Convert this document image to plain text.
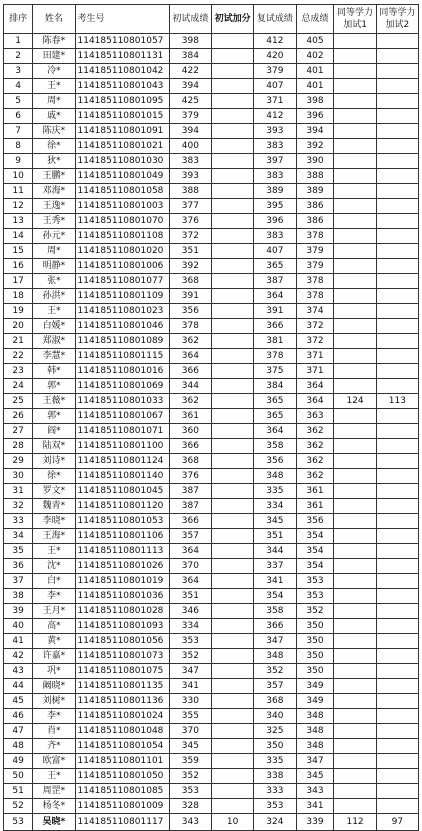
排序	姓名	考生号	初试成绩	初试加分	复试成绩	总成绩	同等学力加试1	同等学力加试2
1	陈春*	114185110801057	398		412	405		
2	田建*	114185110801131	384		420	402		
3	冷*	114185110801042	422		379	401		
4	王*	114185110801043	394		407	401		
5	周*	114185110801095	425		371	398		
6	戚*	114185110801015	379		412	396		
7	陈庆*	114185110801091	394		393	394		
8	徐*	114185110801021	400		383	392		
9	狄*	114185110801030	383		397	390		
10	王鹏*	114185110801049	393		383	388		
11	邓海*	114185110801058	388		389	389		
12	王逸*	114185110801003	377		395	386		
13	王秀*	114185110801070	376		396	386		
14	孙元*	114185110801108	372		383	378		
15	周*	114185110801020	351		407	379		
16	明静*	114185110801006	392		365	379		
17	张*	114185110801077	368		387	378		
18	孙洪*	114185110801109	391		364	378		
19	王*	114185110801023	356		391	374		
20	白媛*	114185110801046	378		366	372		
21	郑淑*	114185110801089	362		381	372		
22	李慧*	114185110801115	364		378	371		
23	韩*	114185110801016	366		375	371		
24	郭*	114185110801069	344		384	364		
25	王薇*	114185110801033	362		365	364	124	113
26	郭*	114185110801067	361		365	363		
27	阎*	114185110801071	360		364	362		
28	陆双*	114185110801100	366		358	362		
29	刘诗*	114185110801124	368		356	362		
30	徐*	114185110801140	376		348	362		
31	罗文*	114185110801045	387		335	361		
32	魏青*	114185110801120	387		334	361		
33	李晓*	114185110801053	366		345	356		
34	王海*	114185110801106	357		351	354		
35	王*	114185110801113	364		344	354		
36	沈*	114185110801026	370		337	354		
37	白*	114185110801019	364		341	353		
38	李*	114185110801036	351		354	353		
39	王月*	114185110801028	346		358	352		
40	高*	114185110801093	334		366	350		
41	黄*	114185110801056	353		347	350		
42	许嘉*	114185110801073	352		348	350		
43	巩*	114185110801075	347		352	350		
44	阚晓*	114185110801135	341		357	349		
45	刘树*	114185110801136	330		368	349		
46	李*	114185110801024	355		340	348		
47	肖*	114185110801048	370		325	348		
48	齐*	114185110801054	345		350	348		
49	欧富*	114185110801101	359		335	347		
50	王*	114185110801050	352		338	345		
51	周罡*	114185110801085	353		333	343		
52	杨冬*	114185110801009	328		353	341		
53	吴晓*	114185110801117	343	10	324	339	112	97
